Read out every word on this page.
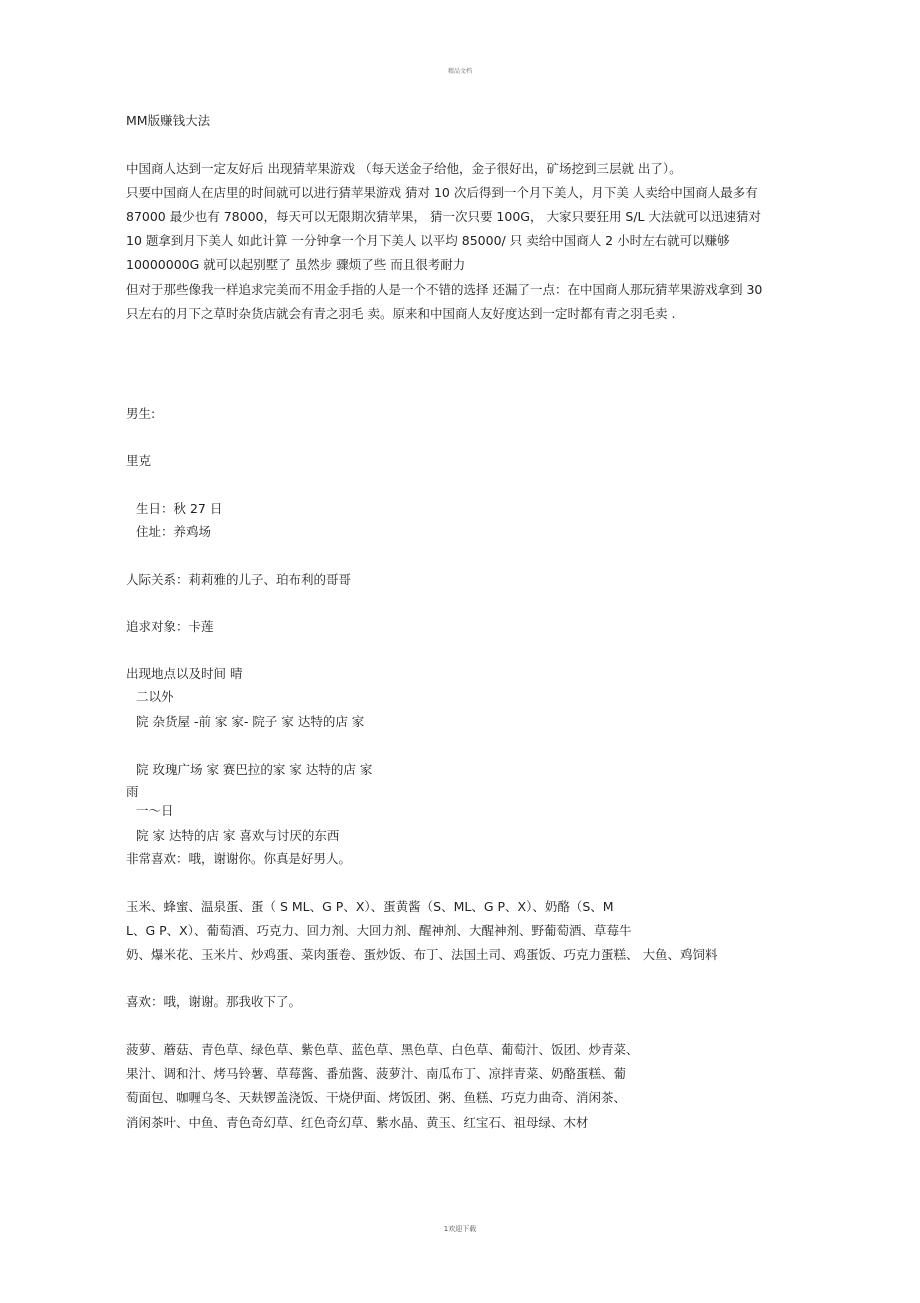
精品文档
MM版赚钱大法
中国商人达到一定友好后 出现猜苹果游戏 （每天送金子给他，金子很好出，矿场挖到三层就 出了）。
只要中国商人在店里的时间就可以进行猜苹果游戏 猜对 10 次后得到一个月下美人，月下美 人卖给中国商人最多有
87000 最少也有 78000，每天可以无限期次猜苹果， 猜一次只要 100G， 大家只要狂用 S/L 大法就可以迅速猜对
10 题拿到月下美人 如此计算 一分钟拿一个月下美人 以平均 85000/ 只 卖给中国商人 2 小时左右就可以赚够
10000000G 就可以起别墅了 虽然步 骤烦了些 而且很考耐力
但对于那些像我一样追求完美而不用金手指的人是一个不错的选择 还漏了一点：在中国商人那玩猜苹果游戏拿到 30
只左右的月下之草时杂货店就会有青之羽毛 卖。原来和中国商人友好度达到一定时都有青之羽毛卖 .
男生:
里克
生日：秋 27 日
住址：养鸡场
人际关系：莉莉雅的儿子、珀布利的哥哥
追求对象：卡莲
出现地点以及时间 晴
二以外
院 杂货屋 -前 家 家- 院子 家 达特的店 家
院 玫瑰广场 家 赛巴拉的家 家 达特的店 家
雨
一～日
院 家 达特的店 家 喜欢与讨厌的东西
非常喜欢：哦，谢谢你。你真是好男人。
玉米、蜂蜜、温泉蛋、蛋（ S ML、G P、X）、蛋黄酱（S、ML、G P、X）、奶酪（S、M
L、G P、X）、葡萄酒、巧克力、回力剂、大回力剂、醒神剂、大醒神剂、野葡萄酒、草莓牛
奶、爆米花、玉米片、炒鸡蛋、菜肉蛋卷、蛋炒饭、布丁、法国土司、鸡蛋饭、巧克力蛋糕、 大鱼、鸡饲料
喜欢：哦，谢谢。那我收下了。
菠萝、蘑菇、青色草、绿色草、紫色草、蓝色草、黑色草、白色草、葡萄汁、饭团、炒青菜、
果汁、调和汁、烤马铃薯、草莓酱、番茄酱、菠萝汁、南瓜布丁、凉拌青菜、奶酪蛋糕、葡
萄面包、咖喱乌冬、天麸锣盖浇饭、干烧伊面、烤饭团、粥、鱼糕、巧克力曲奇、消闲茶、
消闲茶叶、中鱼、青色奇幻草、红色奇幻草、紫水晶、黄玉、红宝石、祖母绿、木材
1欢迎下载
